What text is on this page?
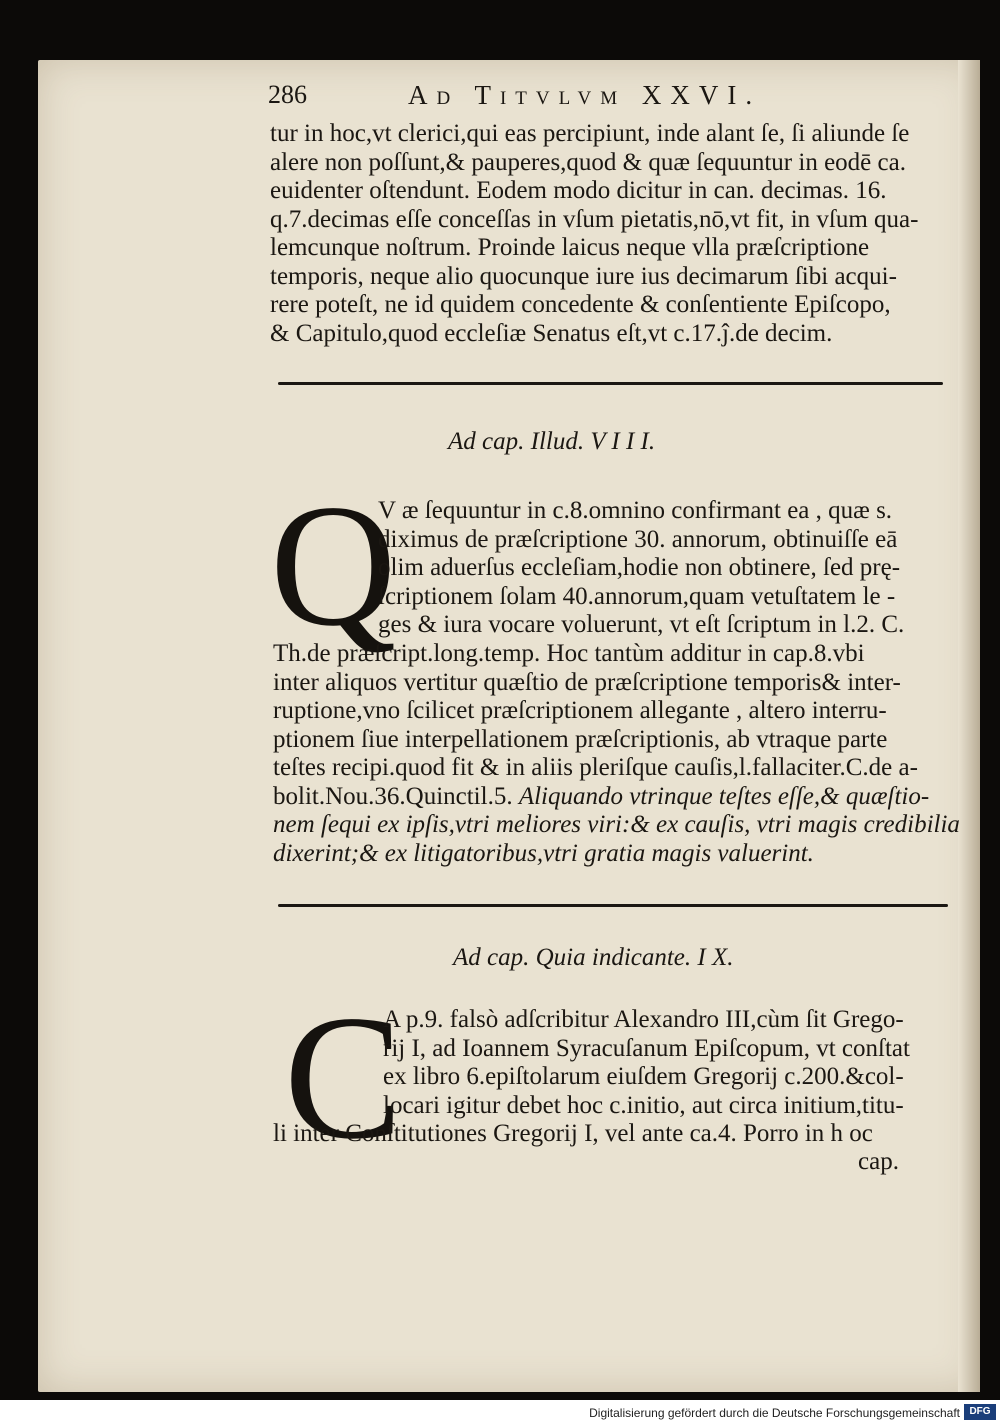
286	Ad Titvlvm XXVI.
tur in hoc,vt clerici,qui eas percipiunt, inde alant ſe, ſi aliunde ſe
alere non poſſunt,& pauperes,quod & quæ ſequuntur in eodē ca.
euidenter oſtendunt. Eodem modo dicitur in can. decimas. 16.
q.7.decimas eſſe conceſſas in vſum pietatis,nō,vt fit, in vſum qua-
lemcunque noſtrum. Proinde laicus neque vlla præſcriptione
temporis, neque alio quocunque iure ius decimarum ſibi acqui-
rere poteſt, ne id quidem concedente & conſentiente Epiſcopo,
& Capitulo,quod eccleſiæ Senatus eſt,vt c.17.ĵ.de decim.
Ad cap. Illud. V I I I.
Q
V æ ſequuntur in c.8.omnino confirmant ea , quæ s.
diximus de præſcriptione 30. annorum, obtinuiſſe eā
olim aduerſus eccleſiam,hodie non obtinere, ſed prę-
ſcriptionem ſolam 40.annorum,quam vetuſtatem le -
ges & iura vocare voluerunt, vt eſt ſcriptum in l.2. C.
Th.de præſcript.long.temp. Hoc tantùm additur in cap.8.vbi
inter aliquos vertitur quæſtio de præſcriptione temporis& inter-
ruptione,vno ſcilicet præſcriptionem allegante , altero interru-
ptionem ſiue interpellationem præſcriptionis, ab vtraque parte
teſtes recipi.quod fit & in aliis pleriſque cauſis,l.fallaciter.C.de a-
bolit.Nou.36.Quinctil.5. Aliquando vtrinque teſtes eſſe,& quæſtio-
nem ſequi ex ipſis,vtri meliores viri:& ex cauſis, vtri magis credibilia
dixerint;& ex litigatoribus,vtri gratia magis valuerint.
Ad cap. Quia indicante. I X.
C
A p.9. falsò adſcribitur Alexandro III,cùm ſit Grego-
rij I, ad Ioannem Syracuſanum Epiſcopum, vt conſtat
ex libro 6.epiſtolarum eiuſdem Gregorij c.200.&col-
locari igitur debet hoc c.initio, aut circa initium,titu-
li inter Conſtitutiones Gregorij I, vel ante ca.4. Porro in h oc
cap.
Digitalisierung gefördert durch die Deutsche Forschungsgemeinschaft DFG
